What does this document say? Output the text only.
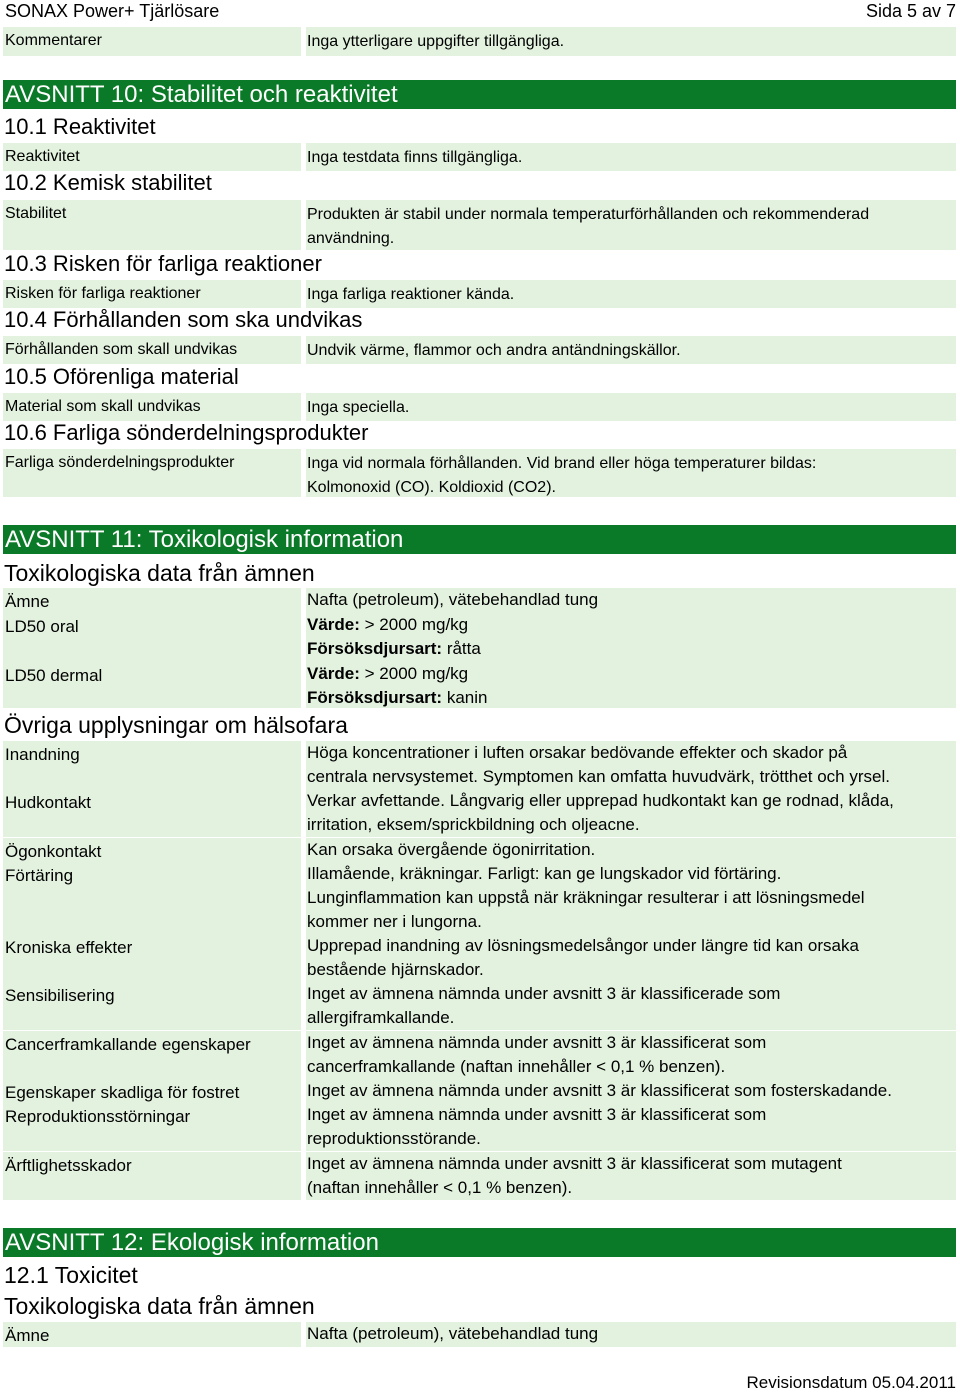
SONAX Power+ Tjärlösare	Sida 5 av 7
Kommentarer	Inga ytterligare uppgifter tillgängliga.
AVSNITT 10: Stabilitet och reaktivitet
10.1 Reaktivitet
Reaktivitet	Inga testdata finns tillgängliga.
10.2 Kemisk stabilitet
Stabilitet	Produkten är stabil under normala temperaturförhållanden och rekommenderad
användning.
10.3 Risken för farliga reaktioner
Risken för farliga reaktioner	Inga farliga reaktioner kända.
10.4 Förhållanden som ska undvikas
Förhållanden som skall undvikas	Undvik värme, flammor och andra antändningskällor.
10.5 Oförenliga material
Material som skall undvikas	Inga speciella.
10.6 Farliga sönderdelningsprodukter
Farliga sönderdelningsprodukter	Inga vid normala förhållanden. Vid brand eller höga temperaturer bildas:
Kolmonoxid (CO). Koldioxid (CO2).
AVSNITT 11: Toxikologisk information
Toxikologiska data från ämnen
Ämne	Nafta (petroleum), vätebehandlad tung
LD50 oral	Värde: > 2000 mg/kg
Försöksdjursart: råtta
LD50 dermal	Värde: > 2000 mg/kg
Försöksdjursart: kanin
Övriga upplysningar om hälsofara
Inandning	Höga koncentrationer i luften orsakar bedövande effekter och skador på
centrala nervsystemet. Symptomen kan omfatta huvudvärk, trötthet och yrsel.
Hudkontakt	Verkar avfettande. Långvarig eller upprepad hudkontakt kan ge rodnad, klåda,
irritation, eksem/sprickbildning och oljeacne.
Ögonkontakt	Kan orsaka övergående ögonirritation.
Förtäring	Illamående, kräkningar. Farligt: kan ge lungskador vid förtäring.
Lunginflammation kan uppstå när kräkningar resulterar i att lösningsmedel
kommer ner i lungorna.
Kroniska effekter	Upprepad inandning av lösningsmedelsångor under längre tid kan orsaka
bestående hjärnskador.
Sensibilisering	Inget av ämnena nämnda under avsnitt 3 är klassificerade som
allergiframkallande.
Cancerframkallande egenskaper	Inget av ämnena nämnda under avsnitt 3 är klassificerat som
cancerframkallande (naftan innehåller < 0,1 % benzen).
Egenskaper skadliga för fostret	Inget av ämnena nämnda under avsnitt 3 är klassificerat som fosterskadande.
Reproduktionsstörningar	Inget av ämnena nämnda under avsnitt 3 är klassificerat som
reproduktionsstörande.
Ärftlighetsskador	Inget av ämnena nämnda under avsnitt 3 är klassificerat som mutagent
(naftan innehåller < 0,1 % benzen).
AVSNITT 12: Ekologisk information
12.1 Toxicitet
Toxikologiska data från ämnen
Ämne	Nafta (petroleum), vätebehandlad tung
Revisionsdatum 05.04.2011
